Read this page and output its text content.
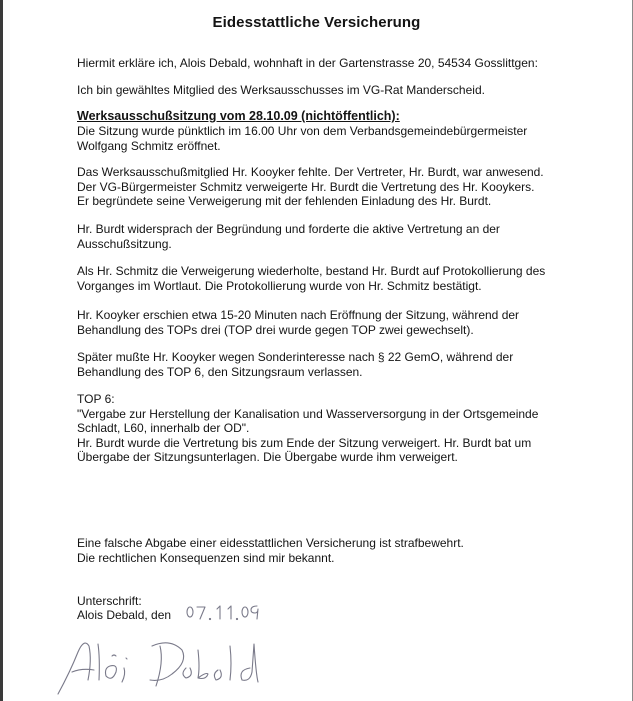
Eidesstattliche Versicherung
Hiermit erkläre ich, Alois Debald, wohnhaft in der Gartenstrasse 20, 54534 Gosslittgen:
Ich bin gewähltes Mitglied des Werksausschusses im VG-Rat Manderscheid.
Werksausschußsitzung vom 28.10.09 (nichtöffentlich):
Die Sitzung wurde pünktlich im 16.00 Uhr von dem Verbandsgemeindebürgermeister
Wolfgang Schmitz eröffnet.
Das Werksausschußmitglied Hr. Kooyker fehlte. Der Vertreter, Hr. Burdt, war anwesend.
Der VG-Bürgermeister Schmitz verweigerte Hr. Burdt die Vertretung des Hr. Kooykers.
Er begründete seine Verweigerung mit der fehlenden Einladung des Hr. Burdt.
Hr. Burdt widersprach der Begründung und forderte die aktive Vertretung an der
Ausschußsitzung.
Als Hr. Schmitz die Verweigerung wiederholte, bestand Hr. Burdt auf Protokollierung des
Vorganges im Wortlaut. Die Protokollierung wurde von Hr. Schmitz bestätigt.
Hr. Kooyker erschien etwa 15-20 Minuten nach Eröffnung der Sitzung, während der
Behandlung des TOPs drei (TOP drei wurde gegen TOP zwei gewechselt).
Später mußte Hr. Kooyker wegen Sonderinteresse nach § 22 GemO, während der
Behandlung des TOP 6, den Sitzungsraum verlassen.
TOP 6:
"Vergabe zur Herstellung der Kanalisation und Wasserversorgung in der Ortsgemeinde
Schladt, L60, innerhalb der OD".
Hr. Burdt wurde die Vertretung bis zum Ende der Sitzung verweigert. Hr. Burdt bat um
Übergabe der Sitzungsunterlagen. Die Übergabe wurde ihm verweigert.
Eine falsche Abgabe einer eidesstattlichen Versicherung ist strafbewehrt.
Die rechtlichen Konsequenzen sind mir bekannt.
Unterschrift:
Alois Debald, den
